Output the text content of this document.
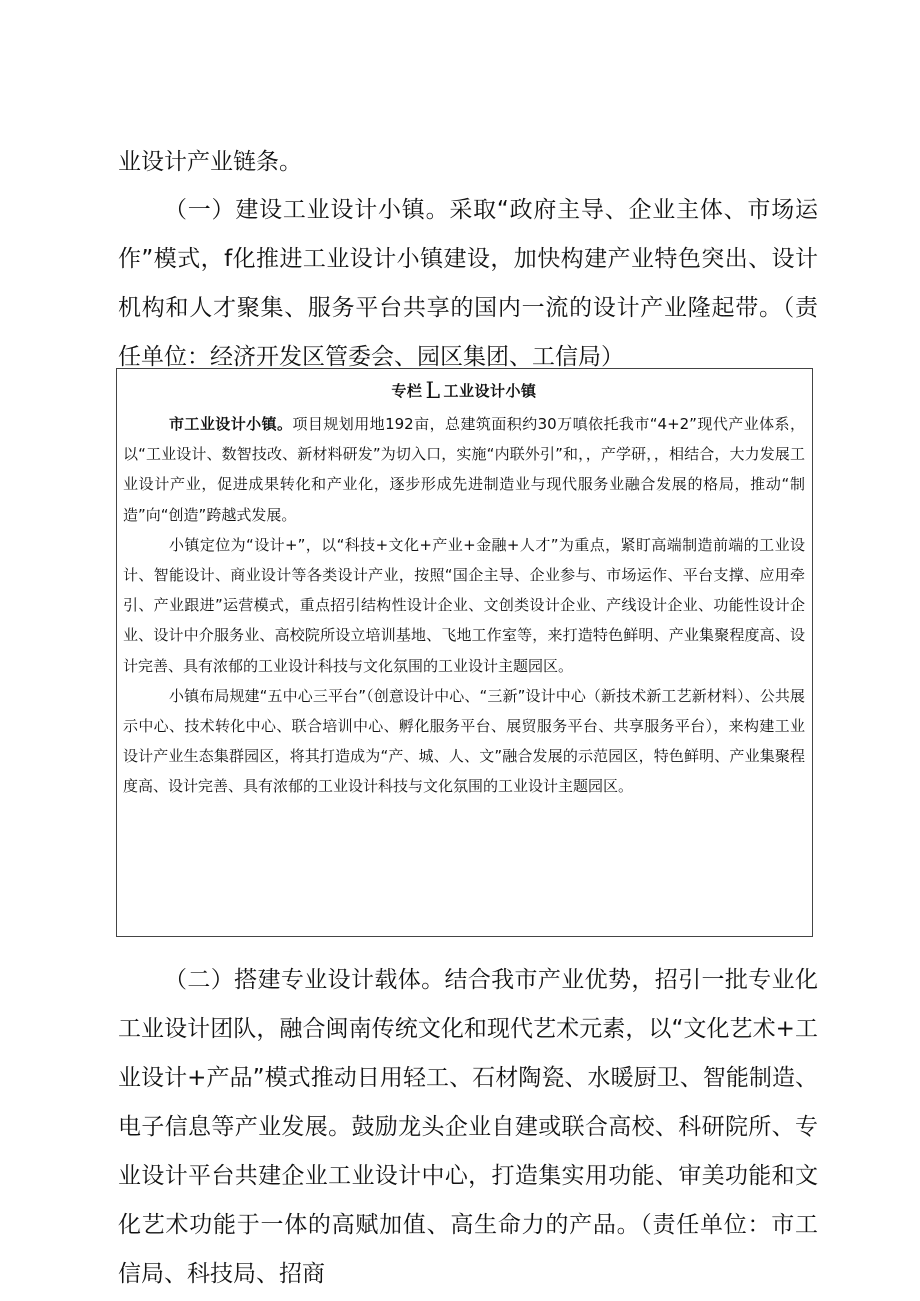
业设计产业链条。

（一）建设工业设计小镇。采取“政府主导、企业主体、市场运作”模式，f化推进工业设计小镇建设，加快构建产业特色突出、设计机构和人才聚集、服务平台共享的国内一流的设计产业隆起带。（责任单位：经济开发区管委会、园区集团、工信局）

专栏 L 工业设计小镇

市工业设计小镇。项目规划用地192亩，总建筑面积约30万嗔依托我市“4+2”现代产业体系，以“工业设计、数智技改、新材料研发”为切入口，实施“内联外引”和，，产学研，，相结合，大力发展工业设计产业，促进成果转化和产业化，逐步形成先进制造业与现代服务业融合发展的格局，推动“制造”向“创造”跨越式发展。

小镇定位为“设计+”，以“科技+文化+产业+金融+人才”为重点，紧盯高端制造前端的工业设计、智能设计、商业设计等各类设计产业，按照“国企主导、企业参与、市场运作、平台支撑、应用牵引、产业跟进”运营模式，重点招引结构性设计企业、文创类设计企业、产线设计企业、功能性设计企业、设计中介服务业、高校院所设立培训基地、飞地工作室等，来打造特色鲜明、产业集聚程度高、设计完善、具有浓郁的工业设计科技与文化氛围的工业设计主题园区。

小镇布局规建“五中心三平台”（创意设计中心、“三新”设计中心（新技术新工艺新材料）、公共展示中心、技术转化中心、联合培训中心、孵化服务平台、展贸服务平台、共享服务平台），来构建工业设计产业生态集群园区，将其打造成为“产、城、人、文”融合发展的示范园区，特色鲜明、产业集聚程度高、设计完善、具有浓郁的工业设计科技与文化氛围的工业设计主题园区。

（二）搭建专业设计载体。结合我市产业优势，招引一批专业化工业设计团队，融合闽南传统文化和现代艺术元素，以“文化艺术+工业设计+产品”模式推动日用轻工、石材陶瓷、水暖厨卫、智能制造、电子信息等产业发展。鼓励龙头企业自建或联合高校、科研院所、专业设计平台共建企业工业设计中心，打造集实用功能、审美功能和文化艺术功能于一体的高赋加值、高生命力的产品。（责任单位：市工信局、科技局、招商
